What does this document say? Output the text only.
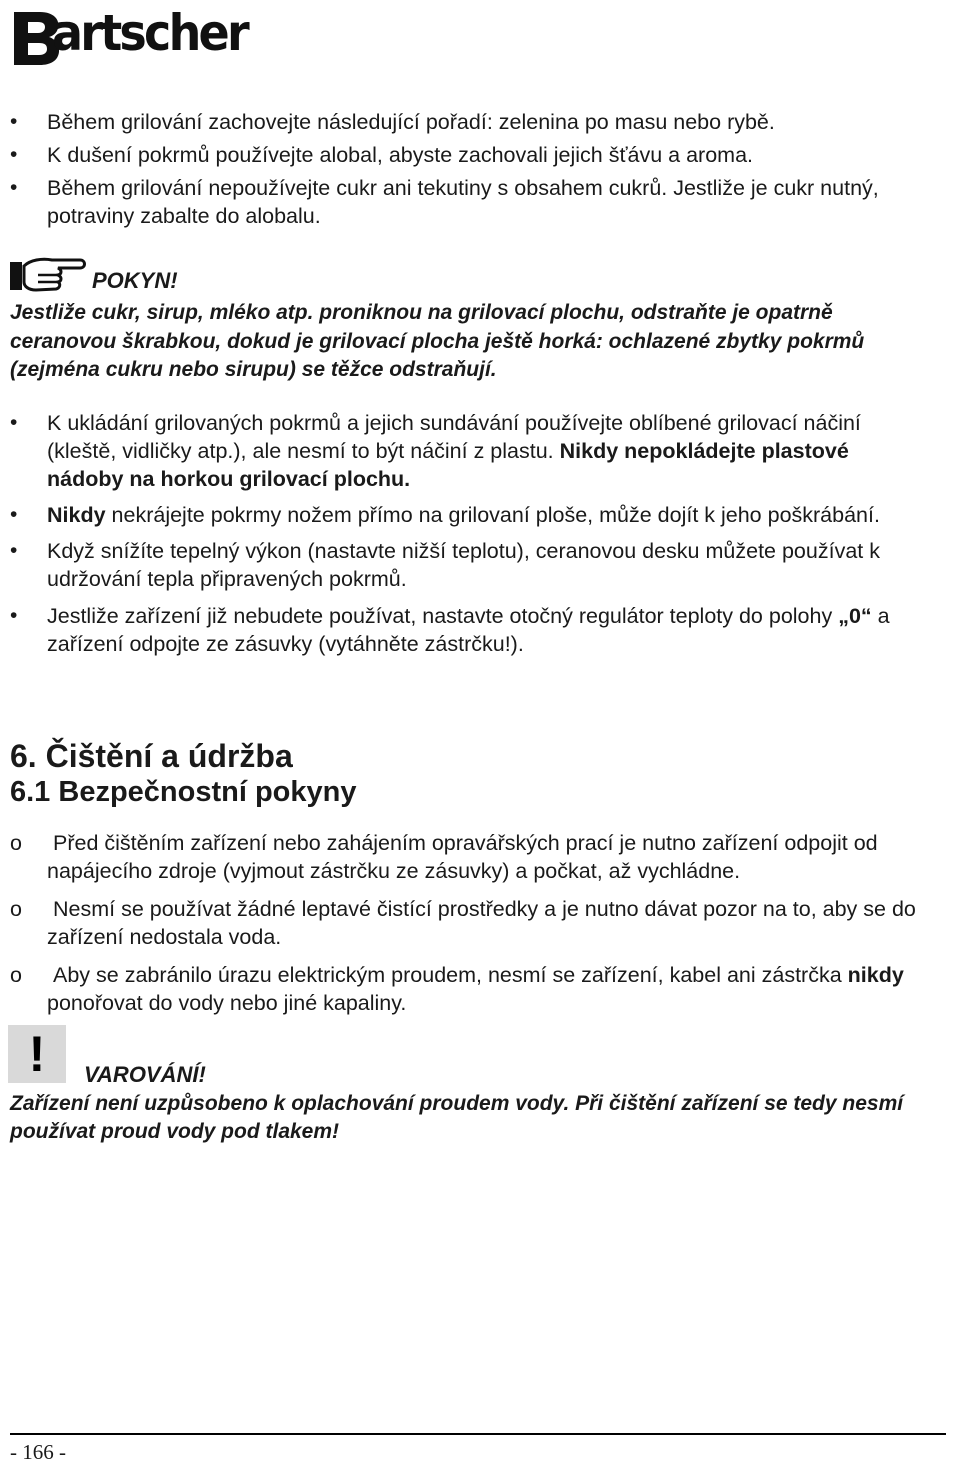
artscher
• Během grilování zachovejte následující pořadí: zelenina po masu nebo rybě.
• K dušení pokrmů používejte alobal, abyste zachovali jejich šťávu a aroma.
• Během grilování nepoužívejte cukr ani tekutiny s obsahem cukrů. Jestliže je cukr nutný, potraviny zabalte do alobalu.
POKYN!
Jestliže cukr, sirup, mléko atp. proniknou na grilovací plochu, odstraňte je opatrně ceranovou škrabkou, dokud je grilovací plocha ještě horká: ochlazené zbytky pokrmů (zejména cukru nebo sirupu) se těžce odstraňují.
• K ukládání grilovaných pokrmů a jejich sundávání používejte oblíbené grilovací náčiní (kleště, vidličky atp.), ale nesmí to být náčiní z plastu. Nikdy nepokládejte plastové nádoby na horkou grilovací plochu.
• Nikdy nekrájejte pokrmy nožem přímo na grilovaní ploše, může dojít k jeho poškrábání.
• Když snížíte tepelný výkon (nastavte nižší teplotu), ceranovou desku můžete používat k udržování tepla připravených pokrmů.
• Jestliže zařízení již nebudete používat, nastavte otočný regulátor teploty do polohy „0“ a zařízení odpojte ze zásuvky (vytáhněte zástrčku!).
6. Čištění a údržba
6.1 Bezpečnostní pokyny
o Před čištěním zařízení nebo zahájením opravářských prací je nutno zařízení odpojit od napájecího zdroje (vyjmout zástrčku ze zásuvky) a počkat, až vychládne.
o Nesmí se používat žádné leptavé čistící prostředky a je nutno dávat pozor na to, aby se do zařízení nedostala voda.
o Aby se zabránilo úrazu elektrickým proudem, nesmí se zařízení, kabel ani zástrčka nikdy ponořovat do vody nebo jiné kapaliny.
!	VAROVÁNÍ!
Zařízení není uzpůsobeno k oplachování proudem vody. Při čištění zařízení se tedy nesmí používat proud vody pod tlakem!
- 166 -
